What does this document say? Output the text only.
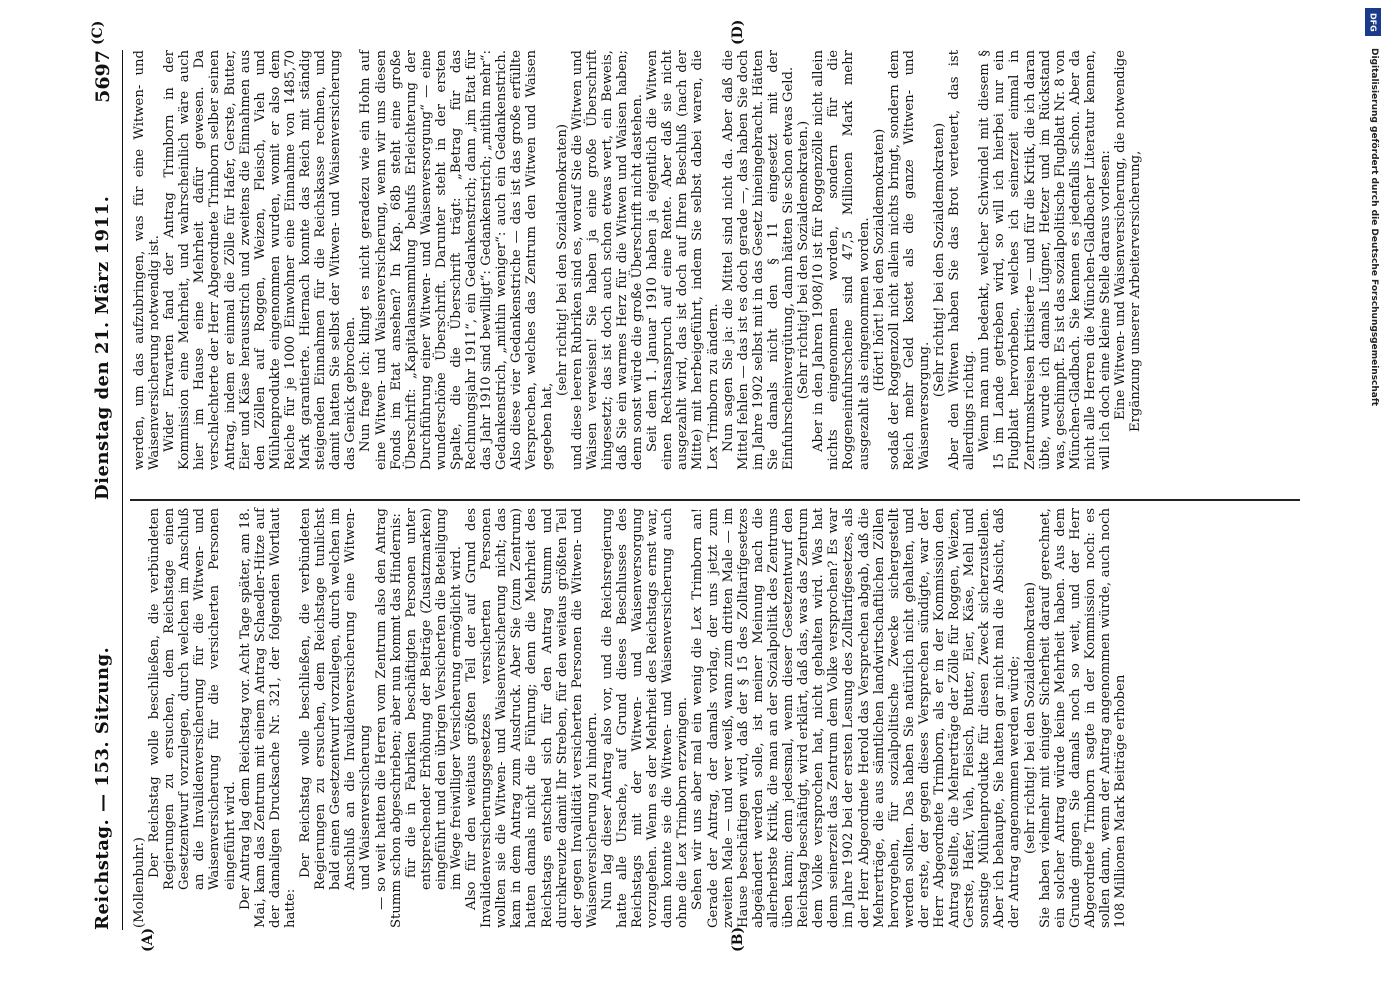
DFG
Digitalisierung gefördert durch die Deutsche Forschungsgemeinschaft
Reichstag. — 153. Sitzung.
Dienstag den 21. März 1911.
5697
(A)	(B)
(C)	(D)

(Mollenbuhr.)

Der Reichstag wolle beschließen, die verbündeten Regierungen zu ersuchen, dem Reichstage einen Gesetzentwurf vorzulegen, durch welchen im Anschluß an die Invalidenversicherung für die Witwen- und Waisenversicherung für die versicherten Personen eingeführt wird. Der Antrag lag dem Reichstag vor. Acht Tage später, am 18. Mai, kam das Zentrum mit einem Antrag Schaedler-Hitze auf der damaligen Drucksache Nr. 321, der folgenden Wortlaut hatte:

Der Reichstag wolle beschließen, die verbündeten Regierungen zu ersuchen, dem Reichstage tunlichst bald einen Gesetzentwurf vorzulegen, durch welchen im Anschluß an die Invalidenversicherung eine Witwen- und Waisenversicherung — so weit hatten die Herren vom Zentrum also den Antrag Stumm schon abgeschrieben; aber nun kommt das Hindernis: für die in Fabriken beschäftigten Personen unter entsprechender Erhöhung der Beiträge (Zusatzmarken) eingeführt und den übrigen Versicherten die Beteiligung im Wege freiwilliger Versicherung ermöglicht wird. Also für den weitaus größten Teil der auf Grund des Invalidenversicherungsgesetzes versicherten Personen wollten sie die Witwen- und Waisenversicherung nicht; das kam in dem Antrag zum Ausdruck. Aber Sie (zum Zentrum) hatten damals nicht die Führung; denn die Mehrheit des Reichstags entschied sich für den Antrag Stumm und durchkreuzte damit Ihr Streben, für den weitaus größten Teil der gegen Invalidität versicherten Personen die Witwen- und Waisenversicherung zu hindern. Nun lag dieser Antrag also vor, und die Reichsregierung hatte alle Ursache, auf Grund dieses Beschlusses des Reichstags mit der Witwen- und Waisenversorgung vorzugehen. Wenn es der Mehrheit des Reichstags ernst war, dann konnte sie die Witwen- und Waisenversicherung auch ohne die Lex Trimborn erzwingen. Sehen wir uns aber mal ein wenig die Lex Trimborn an! Gerade der Antrag, der damals vorlag, der uns jetzt zum zweiten Male — und wer weiß, wann zum dritten Male — im Hause beschäftigen wird, daß der § 15 des Zolltarifgesetzes abgeändert werden solle, ist meiner Meinung nach die allerherbste Kritik, die man an der Sozialpolitik des Zentrums üben kann; denn jedesmal, wenn dieser Gesetzentwurf den Reichstag beschäftigt, wird erklärt, daß das, was das Zentrum dem Volke versprochen hat, nicht gehalten wird. Was hat denn seinerzeit das Zentrum dem Volke versprochen? Es war im Jahre 1902 bei der ersten Lesung des Zolltarifgesetzes, als der Herr Abgeordnete Herold das Versprechen abgab, daß die Mehrerträge, die aus sämtlichen landwirtschaftlichen Zöllen hervorgehen, für sozialpolitische Zwecke sichergestellt werden sollten. Das haben Sie natürlich nicht gehalten, und der erste, der gegen dieses Versprechen sündigte, war der Herr Abgeordnete Trimborn, als er in der Kommission den Antrag stellte, die Mehrerträge der Zölle für Roggen, Weizen, Gerste, Hafer, Vieh, Fleisch, Butter, Eier, Käse, Mehl und sonstige Mühlenprodukte für diesen Zweck sicherzustellen. Aber ich behaupte, Sie hatten gar nicht mal die Absicht, daß der Antrag angenommen werden würde; (sehr richtig! bei den Sozialdemokraten) Sie haben vielmehr mit einiger Sicherheit darauf gerechnet, ein solcher Antrag würde keine Mehrheit haben. Aus dem Grunde gingen Sie damals noch so weit, und der Herr Abgeordnete Trimborn sagte in der Kommission noch: es sollen dann, wenn der Antrag angenommen würde, auch noch 108 Millionen Mark Beiträge erhoben

werden, um das aufzubringen, was für eine Witwen- und Waisenversicherung notwendig ist. Wider Erwarten fand der Antrag Trimborn in der Kommission eine Mehrheit, und wahrscheinlich wäre auch hier im Hause eine Mehrheit dafür gewesen. Da verschlechterte der Herr Abgeordnete Trimborn selber seinen Antrag, indem er einmal die Zölle für Hafer, Gerste, Butter, Eier und Käse herausstrich und zweitens die Einnahmen aus den Zöllen auf Roggen, Weizen, Fleisch, Vieh und Mühlenprodukte eingenommen wurden, womit er also dem Reiche für je 1000 Einwohner eine Einnahme von 1485,70 Mark garantierte. Hiernach konnte das Reich mit ständig steigenden Einnahmen für die Reichskasse rechnen, und damit hatten Sie selbst der Witwen- und Waisenversicherung das Genick gebrochen. Nun frage ich: klingt es nicht geradezu wie ein Hohn auf eine Witwen- und Waisenversicherung, wenn wir uns diesen Fonds im Etat ansehen? In Kap. 68b steht eine große Überschrift: „Kapitalansammlung behufs Erleichterung der Durchführung einer Witwen- und Waisenversorgung“ — eine wunderschöne Überschrift. Darunter steht in der ersten Spalte, die die Überschrift trägt: „Betrag für das Rechnungsjahr 1911“, ein Gedankenstrich; dann „im Etat für das Jahr 1910 sind bewilligt“: Gedankenstrich; „mithin mehr“: Gedankenstrich, „mithin weniger“: auch ein Gedankenstrich. Also diese vier Gedankenstriche — das ist das große erfüllte Versprechen, welches das Zentrum den Witwen und Waisen gegeben hat,

(sehr richtig! bei den Sozialdemokraten) und diese leeren Rubriken sind es, worauf Sie die Witwen und Waisen verweisen! Sie haben ja eine große Überschrift hingesetzt; das ist doch auch schon etwas wert, ein Beweis, daß Sie ein warmes Herz für die Witwen und Waisen haben; denn sonst würde die große Überschrift nicht dastehen. Seit dem 1. Januar 1910 haben ja eigentlich die Witwen einen Rechtsanspruch auf eine Rente. Aber daß sie nicht ausgezahlt wird, das ist doch auf Ihren Beschluß (nach der Mitte) mit herbeigeführt, indem Sie selbst dabei waren, die Lex Trimborn zu ändern. Nun sagen Sie ja: die Mittel sind nicht da. Aber daß die Mittel fehlen — das ist es doch gerade —, das haben Sie doch im Jahre 1902 selbst mit in das Gesetz hineingebracht. Hätten Sie damals nicht den § 11 eingesetzt mit der Einfuhrscheinvergütung, dann hätten Sie schon etwas Geld. (Sehr richtig! bei den Sozialdemokraten.) Aber in den Jahren 1908/10 ist für Roggenzölle nicht allein nichts eingenommen worden, sondern für die Roggeneinfuhrscheine sind 47,5 Millionen Mark mehr ausgezahlt als eingenommen worden. (Hört! hört! bei den Sozialdemokraten) sodaß der Roggenzoll nicht allein nichts bringt, sondern dem Reich mehr Geld kostet als die ganze Witwen- und Waisenversorgung.

(Sehr richtig! bei den Sozialdemokraten) Aber den Witwen haben Sie das Brot verteuert, das ist allerdings richtig. Wenn man nun bedenkt, welcher Schwindel mit diesem § 15 im Lande getrieben wird, so will ich hierbei nur ein Flugblatt hervorheben, welches ich seinerzeit einmal in Zentrumskreisen kritisierte — und für die Kritik, die ich daran übte, wurde ich damals Lügner, Hetzer und im Rückstand was, geschimpft. Es ist das sozialpolitische Flugblatt Nr. 8 von München-Gladbach. Sie kennen es jedenfalls schon. Aber da nicht alle Herren die München-Gladbacher Literatur kennen, will ich doch eine kleine Stelle daraus vorlesen: Eine Witwen- und Waisenversicherung, die notwendige Ergänzung unserer Arbeiterversicherung,
